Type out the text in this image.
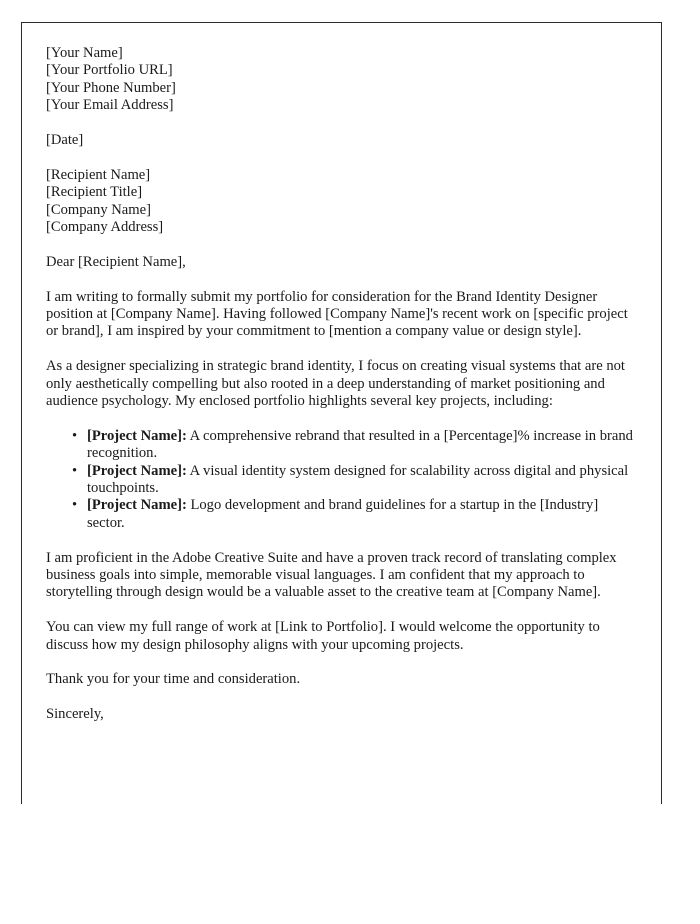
[Your Name]
[Your Portfolio URL]
[Your Phone Number]
[Your Email Address]
[Date]
[Recipient Name]
[Recipient Title]
[Company Name]
[Company Address]

Dear [Recipient Name],

I am writing to formally submit my portfolio for consideration for the Brand Identity Designer position at [Company Name]. Having followed [Company Name]'s recent work on [specific project or brand], I am inspired by your commitment to [mention a company value or design style].

As a designer specializing in strategic brand identity, I focus on creating visual systems that are not only aesthetically compelling but also rooted in a deep understanding of market positioning and audience psychology. My enclosed portfolio highlights several key projects, including:

• [Project Name]: A comprehensive rebrand that resulted in a [Percentage]% increase in brand recognition.
• [Project Name]: A visual identity system designed for scalability across digital and physical touchpoints.
• [Project Name]: Logo development and brand guidelines for a startup in the [Industry] sector.

I am proficient in the Adobe Creative Suite and have a proven track record of translating complex business goals into simple, memorable visual languages. I am confident that my approach to storytelling through design would be a valuable asset to the creative team at [Company Name].

You can view my full range of work at [Link to Portfolio]. I would welcome the opportunity to discuss how my design philosophy aligns with your upcoming projects.

Thank you for your time and consideration.

Sincerely,
